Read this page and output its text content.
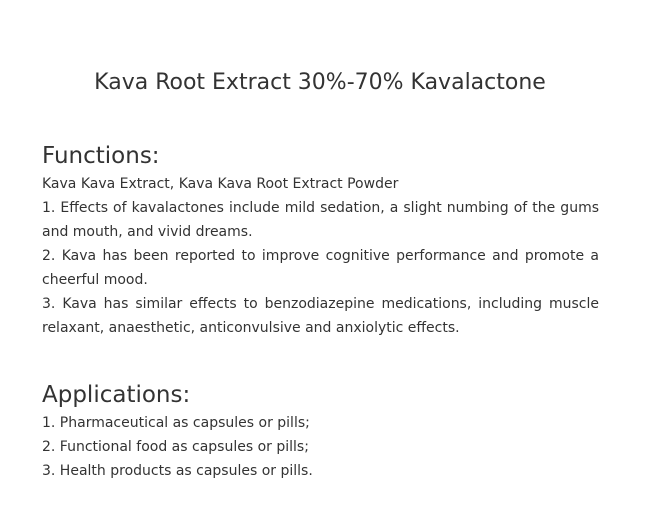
Kava Root Extract 30%-70% Kavalactone
Functions:

Kava Kava Extract, Kava Kava Root Extract Powder

1. Effects of kavalactones include mild sedation, a slight numbing of the gums and mouth, and vivid dreams.

2. Kava has been reported to improve cognitive performance and promote a cheerful mood.

3. Kava has similar effects to benzodiazepine medications, including muscle relaxant, anaesthetic, anticonvulsive and anxiolytic effects.

Applications:

1. Pharmaceutical as capsules or pills;

2. Functional food as capsules or pills;

3. Health products as capsules or pills.
